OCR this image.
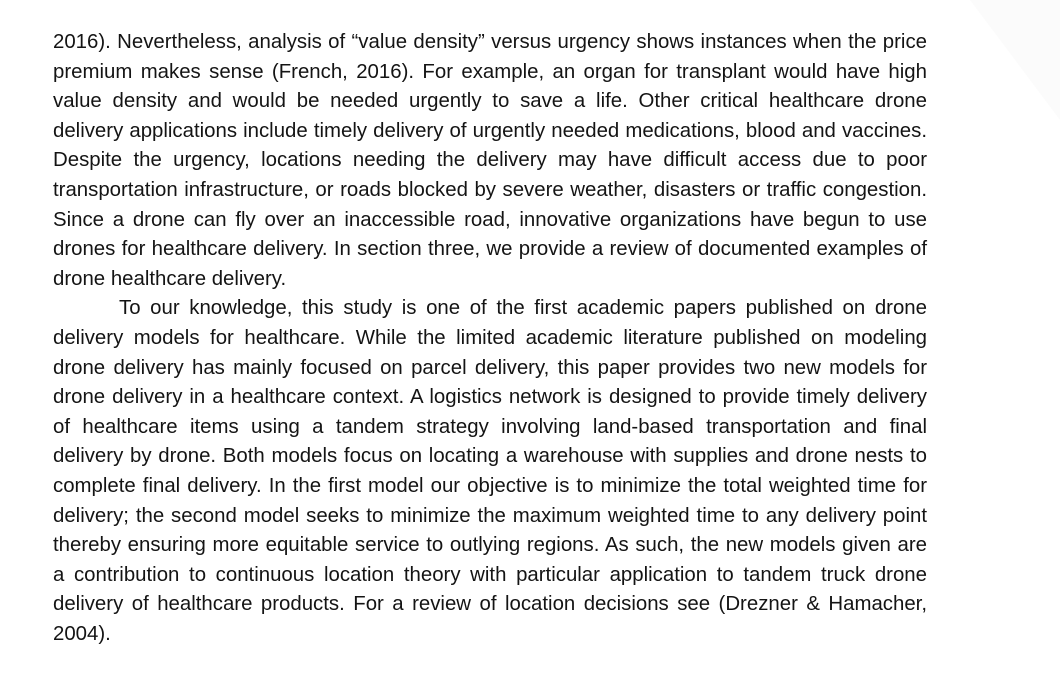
2016). Nevertheless, analysis of “value density” versus urgency shows instances when the price premium makes sense (French, 2016). For example, an organ for transplant would have high value density and would be needed urgently to save a life. Other critical healthcare drone delivery applications include timely delivery of urgently needed medications, blood and vaccines. Despite the urgency, locations needing the delivery may have difficult access due to poor transportation infrastructure, or roads blocked by severe weather, disasters or traffic congestion. Since a drone can fly over an inaccessible road, innovative organizations have begun to use drones for healthcare delivery. In section three, we provide a review of documented examples of drone healthcare delivery.

To our knowledge, this study is one of the first academic papers published on drone delivery models for healthcare. While the limited academic literature published on modeling drone delivery has mainly focused on parcel delivery, this paper provides two new models for drone delivery in a healthcare context. A logistics network is designed to provide timely delivery of healthcare items using a tandem strategy involving land-based transportation and final delivery by drone. Both models focus on locating a warehouse with supplies and drone nests to complete final delivery. In the first model our objective is to minimize the total weighted time for delivery; the second model seeks to minimize the maximum weighted time to any delivery point thereby ensuring more equitable service to outlying regions. As such, the new models given are a contribution to continuous location theory with particular application to tandem truck drone delivery of healthcare products. For a review of location decisions see (Drezner & Hamacher, 2004).
